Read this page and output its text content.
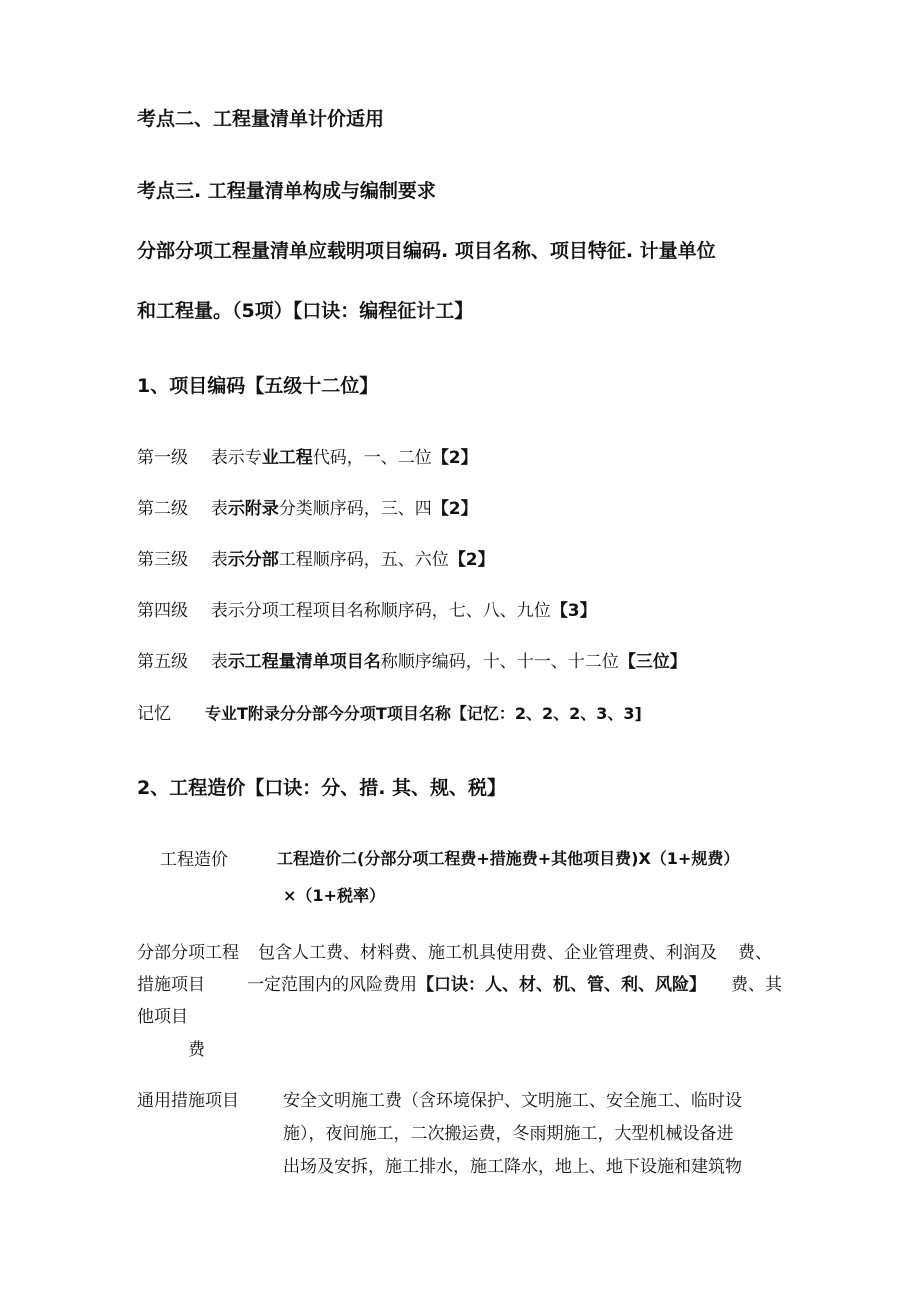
考点二、工程量清单计价适用
考点三. 工程量清单构成与编制要求
分部分项工程量清单应载明项目编码. 项目名称、项目特征. 计量单位
和工程量。（5项）【口诀：编程征计工】
1、项目编码【五级十二位】
第一级 表示专业工程代码，一、二位【2】
第二级 表示附录分类顺序码，三、四【2】
第三级 表示分部工程顺序码，五、六位【2】
第四级 表示分项工程项目名称顺序码，七、八、九位【3】
第五级 表示工程量清单项目名称顺序编码，十、十一、十二位【三位】
记忆 专业T附录分分部今分项T项目名称【记忆：2、2、2、3、3]
2、工程造价【口诀：分、措. 其、规、税】
工程造价	工程造价二(分部分项工程费+措施费+其他项目费)X（1+规费）
×（1+税率）
分部分项工程 包含人工费、材料费、施工机具使用费、企业管理费、利润及 费、
措施项目 一定范围内的风险费用【口诀：人、材、机、管、利、风险】 费、其
他项目
费
通用措施项目	安全文明施工费（含环境保护、文明施工、安全施工、临时设
施），夜间施工，二次搬运费，冬雨期施工，大型机械设备进
出场及安拆，施工排水，施工降水，地上、地下设施和建筑物
